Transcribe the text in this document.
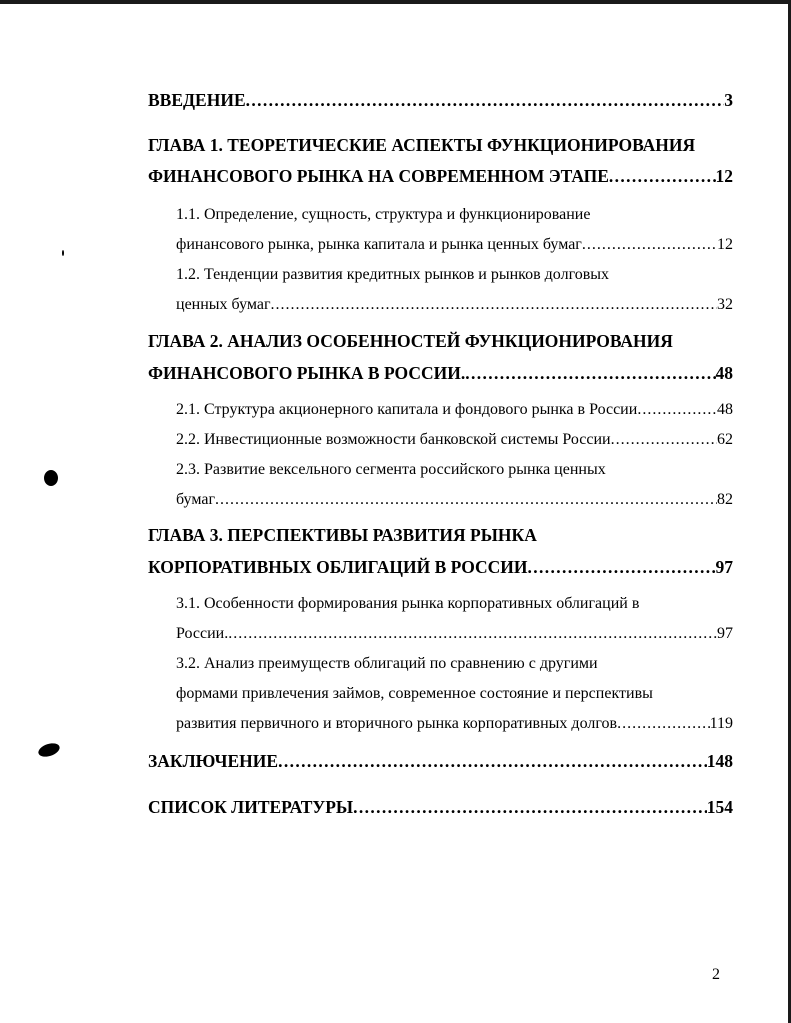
ВВЕДЕНИЕ . . .	3
ГЛАВА 1. ТЕОРЕТИЧЕСКИЕ АСПЕКТЫ ФУНКЦИОНИРОВАНИЯ
ФИНАНСОВОГО РЫНКА НА СОВРЕМЕННОМ ЭТАПЕ . . .	12
1.1. Определение, сущность, структура и функционирование
финансового рынка, рынка капитала и рынка ценных бумаг . . .	12
1.2. Тенденции развития кредитных рынков и рынков долговых
ценных бумаг . . .	32
ГЛАВА 2. АНАЛИЗ ОСОБЕННОСТЕЙ ФУНКЦИОНИРОВАНИЯ
ФИНАНСОВОГО РЫНКА В РОССИИ. . . .	48
2.1. Структура акционерного капитала и фондового рынка в России . . .	48
2.2. Инвестиционные возможности банковской системы России . . .	62
2.3. Развитие вексельного сегмента российского рынка ценных
бумаг . . .	82
ГЛАВА 3. ПЕРСПЕКТИВЫ РАЗВИТИЯ РЫНКА
КОРПОРАТИВНЫХ ОБЛИГАЦИЙ В РОССИИ . . .	97
3.1. Особенности формирования рынка корпоративных облигаций в
России. . . .	97
3.2. Анализ преимуществ облигаций по сравнению с другими
формами привлечения займов, современное состояние и перспективы
развития первичного и вторичного рынка корпоративных долгов . . .	119
ЗАКЛЮЧЕНИЕ . . .	148
СПИСОК ЛИТЕРАТУРЫ . . .	154
2
